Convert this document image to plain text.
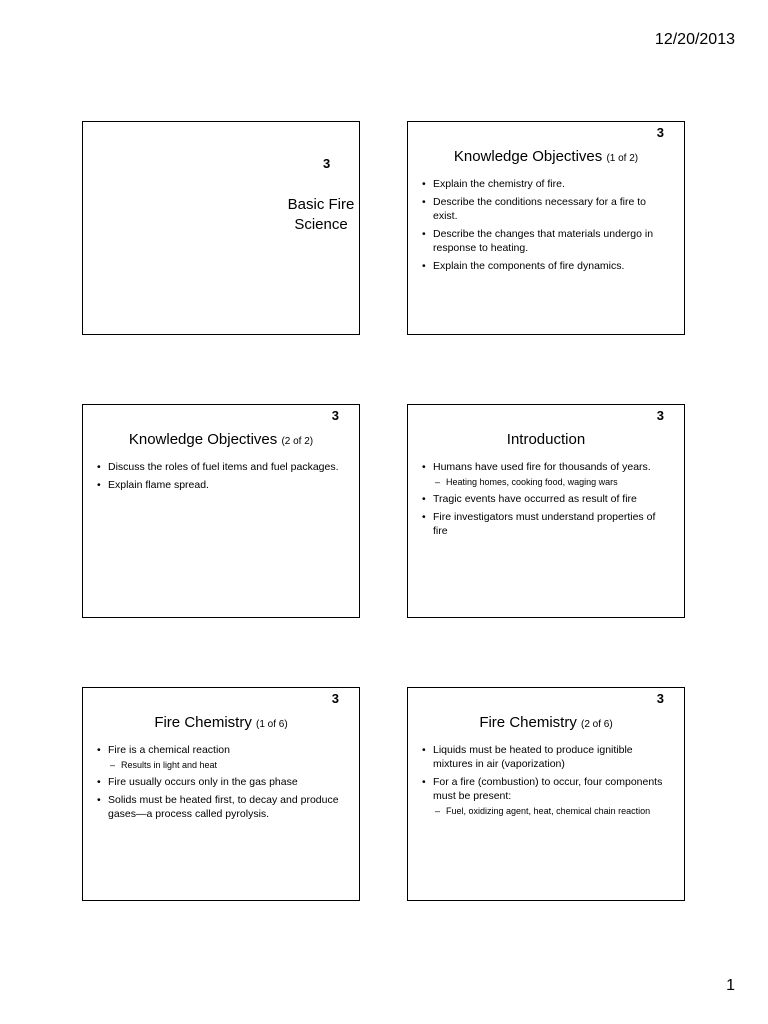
12/20/2013
3
Basic Fire Science
3
Knowledge Objectives (1 of 2)
• Explain the chemistry of fire.
• Describe the conditions necessary for a fire to exist.
• Describe the changes that materials undergo in response to heating.
• Explain the components of fire dynamics.
3
Knowledge Objectives (2 of 2)
• Discuss the roles of fuel items and fuel packages.
• Explain flame spread.
3
Introduction
• Humans have used fire for thousands of years.
– Heating homes, cooking food, waging wars
• Tragic events have occurred as result of fire
• Fire investigators must understand properties of fire
3
Fire Chemistry (1 of 6)
• Fire is a chemical reaction
– Results in light and heat
• Fire usually occurs only in the gas phase
• Solids must be heated first, to decay and produce gases—a process called pyrolysis.
3
Fire Chemistry (2 of 6)
• Liquids must be heated to produce ignitible mixtures in air (vaporization)
• For a fire (combustion) to occur, four components must be present:
– Fuel, oxidizing agent, heat, chemical chain reaction
1
